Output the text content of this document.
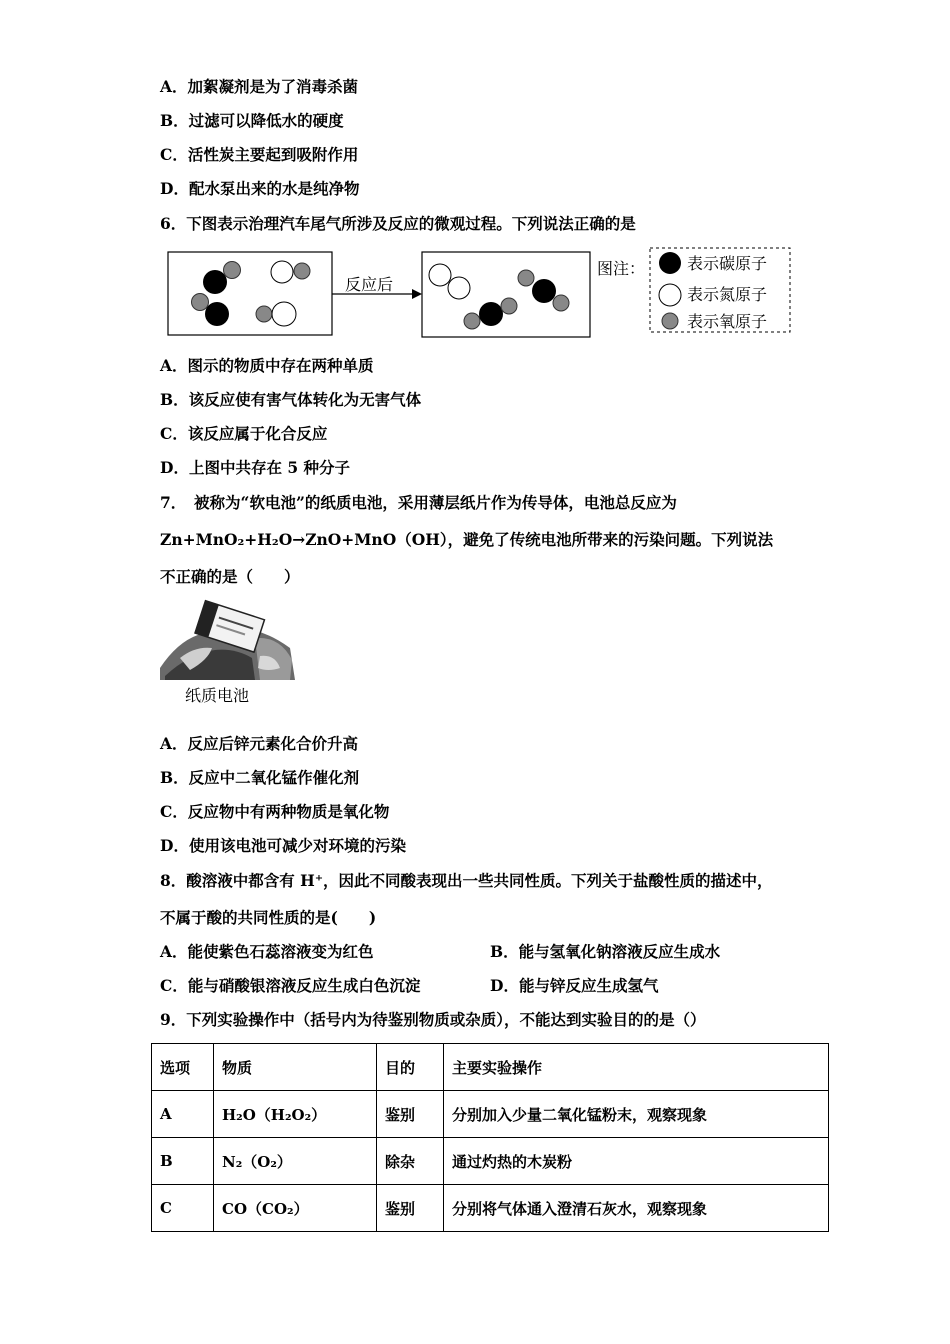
A．加絮凝剂是为了消毒杀菌
B．过滤可以降低水的硬度
C．活性炭主要起到吸附作用
D．配水泵出来的水是纯净物
6．下图表示治理汽车尾气所涉及反应的微观过程。下列说法正确的是
反应后
图注：	表示碳原子
表示氮原子
表示氧原子
A．图示的物质中存在两种单质
B．该反应使有害气体转化为无害气体
C．该反应属于化合反应
D．上图中共存在 5 种分子
7．　被称为“软电池”的纸质电池，采用薄层纸片作为传导体，电池总反应为
Zn+MnO₂+H₂O→ZnO+MnO（OH），避免了传统电池所带来的污染问题。下列说法
不正确的是（　　）
纸质电池
A．反应后锌元素化合价升高
B．反应中二氧化锰作催化剂
C．反应物中有两种物质是氧化物
D．使用该电池可减少对环境的污染
8．酸溶液中都含有 H⁺，因此不同酸表现出一些共同性质。下列关于盐酸性质的描述中，
不属于酸的共同性质的是(　　)
A．能使紫色石蕊溶液变为红色	B．能与氢氧化钠溶液反应生成水
C．能与硝酸银溶液反应生成白色沉淀	D．能与锌反应生成氢气
9．下列实验操作中（括号内为待鉴别物质或杂质），不能达到实验目的的是（）
选项	物质	目的	主要实验操作
A	H₂O（H₂O₂）	鉴别	分别加入少量二氧化锰粉末，观察现象
B	N₂（O₂）	除杂	通过灼热的木炭粉
C	CO（CO₂）	鉴别	分别将气体通入澄清石灰水，观察现象
